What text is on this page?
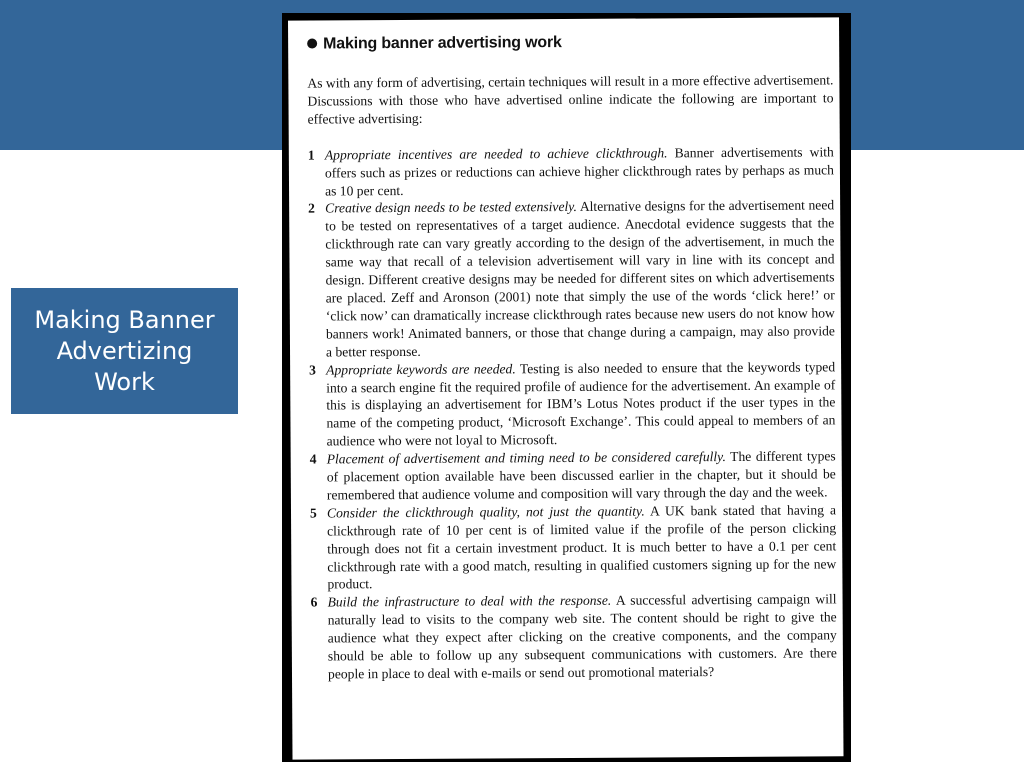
Making Banner Advertizing Work
Making banner advertising work
As with any form of advertising, certain techniques will result in a more effective advertisement. Discussions with those who have advertised online indicate the following are important to effective advertising:
1 Appropriate incentives are needed to achieve clickthrough. Banner advertisements with offers such as prizes or reductions can achieve higher clickthrough rates by perhaps as much as 10 per cent.
2 Creative design needs to be tested extensively. Alternative designs for the advertisement need to be tested on representatives of a target audience. Anecdotal evidence suggests that the clickthrough rate can vary greatly according to the design of the advertisement, in much the same way that recall of a television advertisement will vary in line with its concept and design. Different creative designs may be needed for different sites on which advertisements are placed. Zeff and Aronson (2001) note that simply the use of the words ‘click here!’ or ‘click now’ can dramatically increase clickthrough rates because new users do not know how banners work! Animated banners, or those that change during a campaign, may also provide a better response.
3 Appropriate keywords are needed. Testing is also needed to ensure that the keywords typed into a search engine fit the required profile of audience for the advertisement. An example of this is displaying an advertisement for IBM’s Lotus Notes product if the user types in the name of the competing product, ‘Microsoft Exchange’. This could appeal to members of an audience who were not loyal to Microsoft.
4 Placement of advertisement and timing need to be considered carefully. The different types of placement option available have been discussed earlier in the chapter, but it should be remembered that audience volume and composition will vary through the day and the week.
5 Consider the clickthrough quality, not just the quantity. A UK bank stated that having a clickthrough rate of 10 per cent is of limited value if the profile of the person clicking through does not fit a certain investment product. It is much better to have a 0.1 per cent clickthrough rate with a good match, resulting in qualified customers signing up for the new product.
6 Build the infrastructure to deal with the response. A successful advertising campaign will naturally lead to visits to the company web site. The content should be right to give the audience what they expect after clicking on the creative components, and the company should be able to follow up any subsequent communications with customers. Are there people in place to deal with e-mails or send out promotional materials?
